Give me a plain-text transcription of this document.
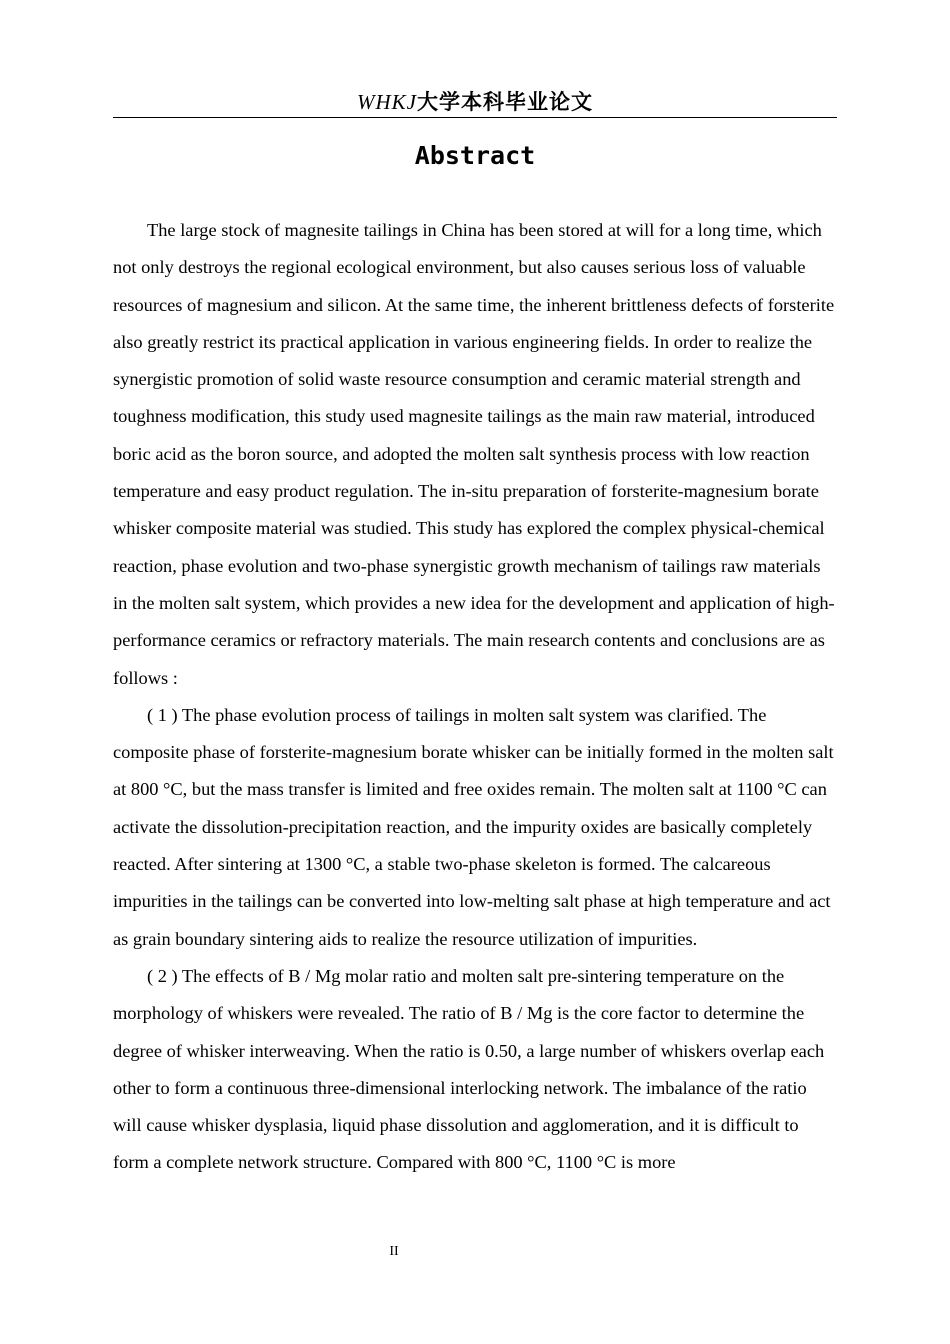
WHKJ大学本科毕业论文
Abstract

The large stock of magnesite tailings in China has been stored at will for a long time, which not only destroys the regional ecological environment, but also causes serious loss of valuable resources of magnesium and silicon. At the same time, the inherent brittleness defects of forsterite also greatly restrict its practical application in various engineering fields. In order to realize the synergistic promotion of solid waste resource consumption and ceramic material strength and toughness modification, this study used magnesite tailings as the main raw material, introduced boric acid as the boron source, and adopted the molten salt synthesis process with low reaction temperature and easy product regulation. The in-situ preparation of forsterite-magnesium borate whisker composite material was studied. This study has explored the complex physical-chemical reaction, phase evolution and two-phase synergistic growth mechanism of tailings raw materials in the molten salt system, which provides a new idea for the development and application of high-performance ceramics or refractory materials. The main research contents and conclusions are as follows :

( 1 ) The phase evolution process of tailings in molten salt system was clarified. The composite phase of forsterite-magnesium borate whisker can be initially formed in the molten salt at 800 °C, but the mass transfer is limited and free oxides remain. The molten salt at 1100 °C can activate the dissolution-precipitation reaction, and the impurity oxides are basically completely reacted. After sintering at 1300 °C, a stable two-phase skeleton is formed. The calcareous impurities in the tailings can be converted into low-melting salt phase at high temperature and act as grain boundary sintering aids to realize the resource utilization of impurities.

( 2 ) The effects of B / Mg molar ratio and molten salt pre-sintering temperature on the morphology of whiskers were revealed. The ratio of B / Mg is the core factor to determine the degree of whisker interweaving. When the ratio is 0.50, a large number of whiskers overlap each other to form a continuous three-dimensional interlocking network. The imbalance of the ratio will cause whisker dysplasia, liquid phase dissolution and agglomeration, and it is difficult to form a complete network structure. Compared with 800 °C, 1100 °C is more

II
